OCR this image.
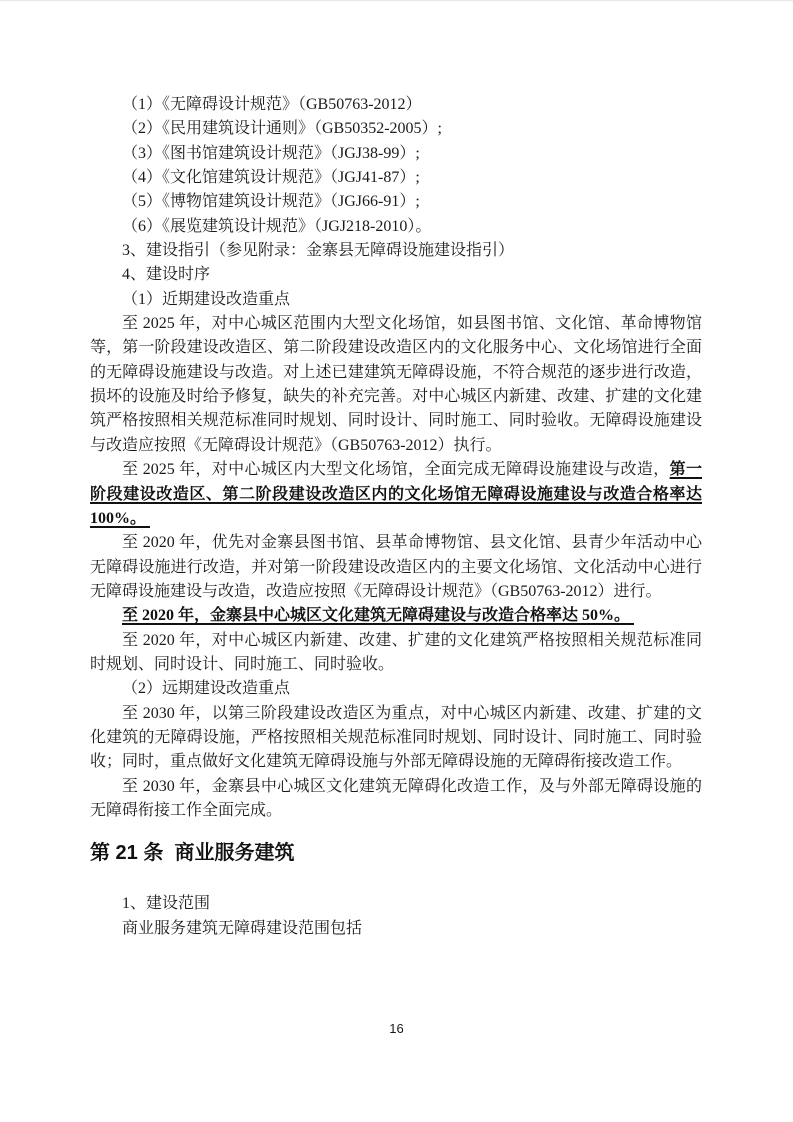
（1）《无障碍设计规范》（GB50763-2012）

（2）《民用建筑设计通则》（GB50352-2005）;

（3）《图书馆建筑设计规范》（JGJ38-99）;

（4）《文化馆建筑设计规范》（JGJ41-87）;

（5）《博物馆建筑设计规范》（JGJ66-91）;

（6）《展览建筑设计规范》（JGJ218-2010）。

3、建设指引（参见附录：金寨县无障碍设施建设指引）

4、建设时序

（1）近期建设改造重点

至 2025 年，对中心城区范围内大型文化场馆，如县图书馆、文化馆、革命博物馆等，第一阶段建设改造区、第二阶段建设改造区内的文化服务中心、文化场馆进行全面的无障碍设施建设与改造。对上述已建建筑无障碍设施，不符合规范的逐步进行改造，损坏的设施及时给予修复，缺失的补充完善。对中心城区内新建、改建、扩建的文化建筑严格按照相关规范标准同时规划、同时设计、同时施工、同时验收。无障碍设施建设与改造应按照《无障碍设计规范》（GB50763-2012）执行。

至 2025 年，对中心城区内大型文化场馆，全面完成无障碍设施建设与改造，第一阶段建设改造区、第二阶段建设改造区内的文化场馆无障碍设施建设与改造合格率达 100%。

至 2020 年，优先对金寨县图书馆、县革命博物馆、县文化馆、县青少年活动中心无障碍设施进行改造，并对第一阶段建设改造区内的主要文化场馆、文化活动中心进行无障碍设施建设与改造，改造应按照《无障碍设计规范》（GB50763-2012）进行。

至 2020 年，金寨县中心城区文化建筑无障碍建设与改造合格率达 50%。

至 2020 年，对中心城区内新建、改建、扩建的文化建筑严格按照相关规范标准同时规划、同时设计、同时施工、同时验收。

（2）远期建设改造重点

至 2030 年，以第三阶段建设改造区为重点，对中心城区内新建、改建、扩建的文化建筑的无障碍设施，严格按照相关规范标准同时规划、同时设计、同时施工、同时验收；同时，重点做好文化建筑无障碍设施与外部无障碍设施的无障碍衔接改造工作。

至 2030 年，金寨县中心城区文化建筑无障碍化改造工作，及与外部无障碍设施的无障碍衔接工作全面完成。

第 21 条  商业服务建筑

1、建设范围

商业服务建筑无障碍建设范围包括

16
